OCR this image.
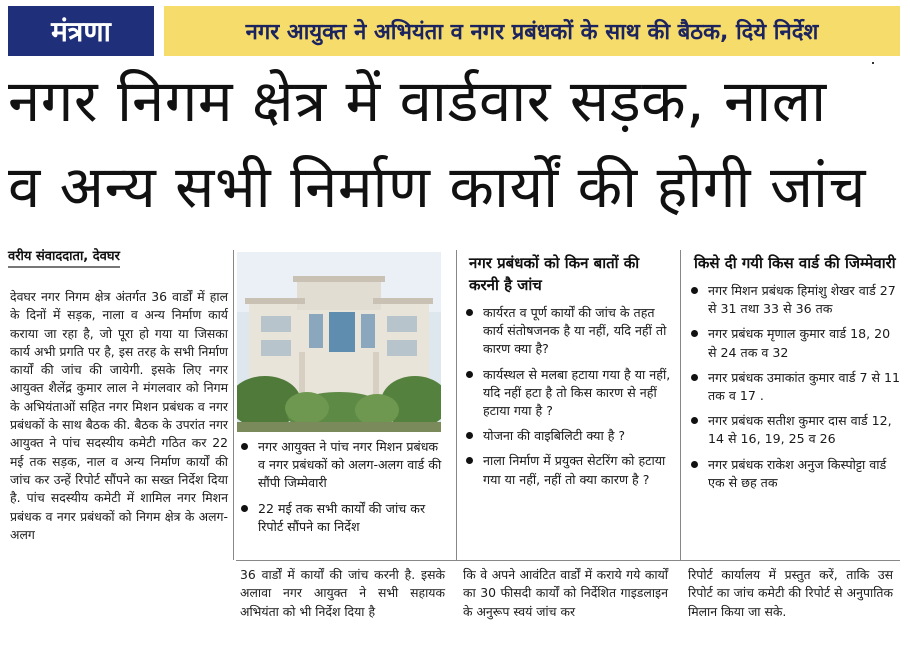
मंत्रणा	नगर आयुक्त ने अभियंता व नगर प्रबंधकों के साथ की बैठक, दिये निर्देश
नगर निगम क्षेत्र में वार्डवार सड़क, नाला
व अन्य सभी निर्माण कार्यों की होगी जांच
वरीय संवाददाता, देवघर
देवघर नगर निगम क्षेत्र अंतर्गत 36 वार्डों में हाल के दिनों में सड़क, नाला व अन्य निर्माण कार्य कराया जा रहा है, जो पूरा हो गया या जिसका कार्य अभी प्रगति पर है, इस तरह के सभी निर्माण कार्यों की जांच की जायेगी. इसके लिए नगर आयुक्त शैलेंद्र कुमार लाल ने मंगलवार को निगम के अभियंताओं सहित नगर मिशन प्रबंधक व नगर प्रबंधकों के साथ बैठक की. बैठक के उपरांत नगर आयुक्त ने पांच सदस्यीय कमेटी गठित कर 22 मई तक सड़क, नाल व अन्य निर्माण कार्यों की जांच कर उन्हें रिपोर्ट सौंपने का सख्त निर्देश दिया है. पांच सदस्यीय कमेटी में शामिल नगर मिशन प्रबंधक व नगर प्रबंधकों को निगम क्षेत्र के अलग-अलग
नगर आयुक्त ने पांच नगर मिशन प्रबंधक व नगर प्रबंधकों को अलग-अलग वार्ड की सौंपी जिम्मेवारी
22 मई तक सभी कार्यों की जांच कर रिपोर्ट सौंपने का निर्देश
नगर प्रबंधकों को किन बातों की करनी है जांच
कार्यरत व पूर्ण कार्यों की जांच के तहत कार्य संतोषजनक है या नहीं, यदि नहीं तो कारण क्या है?
कार्यस्थल से मलबा हटाया गया है या नहीं, यदि नहीं हटा है तो किस कारण से नहीं हटाया गया है ?
योजना की वाइबिलिटी क्या है ?
नाला निर्माण में प्रयुक्त सेटरिंग को हटाया गया या नहीं, नहीं तो क्या कारण है ?
किसे दी गयी किस वार्ड की जिम्मेवारी
नगर मिशन प्रबंधक हिमांशु शेखर वार्ड 27 से 31 तथा 33 से 36 तक
नगर प्रबंधक मृणाल कुमार वार्ड 18, 20 से 24 तक व 32
नगर प्रबंधक उमाकांत कुमार वार्ड 7 से 11 तक व 17 .
नगर प्रबंधक सतीश कुमार दास वार्ड 12, 14 से 16, 19, 25 व 26
नगर प्रबंधक राकेश अनुज किस्पोट्टा वार्ड एक से छह तक
36 वार्डों में कार्यों की जांच करनी है. इसके अलावा नगर आयुक्त ने सभी सहायक अभियंता को भी निर्देश दिया है
कि वे अपने आवंटित वार्डों में कराये गये कार्यों का 30 फीसदी कार्यों को निर्देशित गाइडलाइन के अनुरूप स्वयं जांच कर
रिपोर्ट कार्यालय में प्रस्तुत करें, ताकि उस रिपोर्ट का जांच कमेटी की रिपोर्ट से अनुपातिक मिलान किया जा सके.
